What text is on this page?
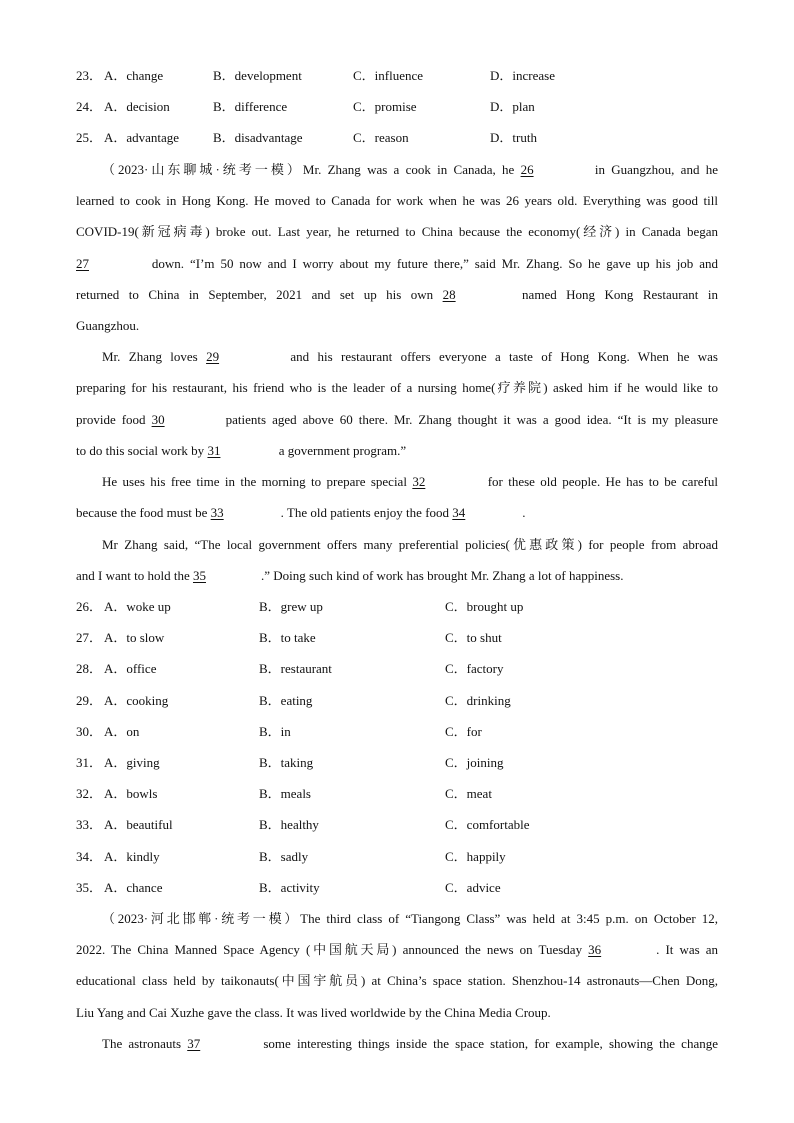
23． A．change	B．development	C．influence	D．increase
24． A．decision	B．difference	C．promise	D．plan
25． A．advantage	B．disadvantage	C．reason	D．truth
（2023·山东聊城·统考一模）Mr. Zhang was a cook in Canada, he 26	in Guangzhou, and he
learned to cook in Hong Kong. He moved to Canada for work when he was 26 years old. Everything was good till
COVID-19(新冠病毒) broke out. Last year, he returned to China because the economy(经济) in Canada began
27	down. “I’m 50 now and I worry about my future there,” said Mr. Zhang. So he gave up his job and
returned to China in September, 2021 and set up his own 28	named Hong Kong Restaurant in
Guangzhou.
Mr. Zhang loves 29	and his restaurant offers everyone a taste of Hong Kong. When he was
preparing for his restaurant, his friend who is the leader of a nursing home(疗养院) asked him if he would like to
provide food 30	patients aged above 60 there. Mr. Zhang thought it was a good idea. “It is my pleasure
to do this social work by 31	a government program.”
He uses his free time in the morning to prepare special 32	for these old people. He has to be careful
because the food must be 33	. The old patients enjoy the food 34	.
Mr Zhang said, “The local government offers many preferential policies(优惠政策) for people from abroad
and I want to hold the 35	.” Doing such kind of work has brought Mr. Zhang a lot of happiness.
26． A．woke up	B．grew up	C．brought up
27． A．to slow	B．to take	C．to shut
28． A．office	B．restaurant	C．factory
29． A．cooking	B．eating	C．drinking
30． A．on	B．in	C．for
31． A．giving	B．taking	C．joining
32． A．bowls	B．meals	C．meat
33． A．beautiful	B．healthy	C．comfortable
34． A．kindly	B．sadly	C．happily
35． A．chance	B．activity	C．advice
（2023·河北邯郸·统考一模）The third class of “Tiangong Class” was held at 3:45 p.m. on October 12,
2022. The China Manned Space Agency (中国航天局) announced the news on Tuesday 36	. It was an
educational class held by taikonauts(中国宇航员) at China’s space station. Shenzhou-14 astronauts—Chen Dong,
Liu Yang and Cai Xuzhe gave the class. It was lived worldwide by the China Media Croup.
The astronauts 37	some interesting things inside the space station, for example, showing the change
